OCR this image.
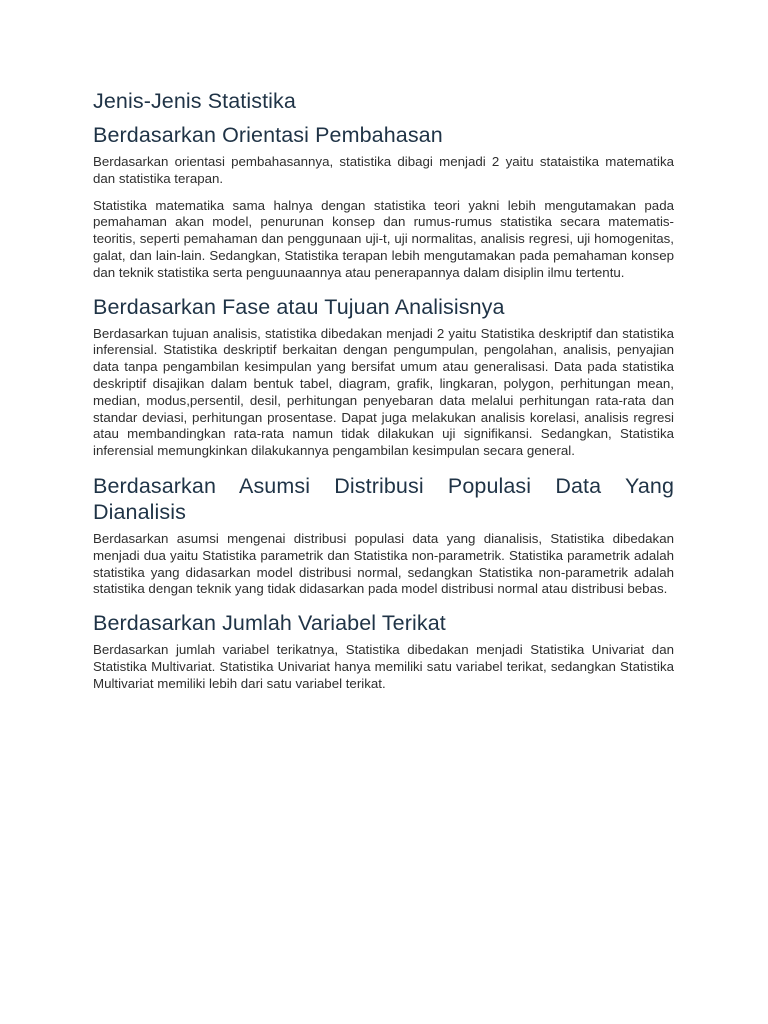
Jenis-Jenis Statistika
Berdasarkan Orientasi Pembahasan

Berdasarkan orientasi pembahasannya, statistika dibagi menjadi 2 yaitu stataistika matematika dan statistika terapan.

Statistika matematika sama halnya dengan statistika teori yakni lebih mengutamakan pada pemahaman akan model, penurunan konsep dan rumus-rumus statistika secara matematis-teoritis, seperti pemahaman dan penggunaan uji-t, uji normalitas, analisis regresi, uji homogenitas, galat, dan lain-lain. Sedangkan, Statistika terapan lebih mengutamakan pada pemahaman konsep dan teknik statistika serta penguunaannya atau penerapannya dalam disiplin ilmu tertentu.

Berdasarkan Fase atau Tujuan Analisisnya

Berdasarkan tujuan analisis, statistika dibedakan menjadi 2 yaitu Statistika deskriptif dan statistika inferensial. Statistika deskriptif berkaitan dengan pengumpulan, pengolahan, analisis, penyajian data tanpa pengambilan kesimpulan yang bersifat umum atau generalisasi. Data pada statistika deskriptif disajikan dalam bentuk tabel, diagram, grafik, lingkaran, polygon, perhitungan mean, median, modus,persentil, desil, perhitungan penyebaran data melalui perhitungan rata-rata dan standar deviasi, perhitungan prosentase. Dapat juga melakukan analisis korelasi, analisis regresi atau membandingkan rata-rata namun tidak dilakukan uji signifikansi. Sedangkan, Statistika inferensial memungkinkan dilakukannya pengambilan kesimpulan secara general.

Berdasarkan Asumsi Distribusi Populasi Data Yang Dianalisis

Berdasarkan asumsi mengenai distribusi populasi data yang dianalisis, Statistika dibedakan menjadi dua yaitu Statistika parametrik dan Statistika non-parametrik. Statistika parametrik adalah statistika yang didasarkan model distribusi normal, sedangkan Statistika non-parametrik adalah statistika dengan teknik yang tidak didasarkan pada model distribusi normal atau distribusi bebas.

Berdasarkan Jumlah Variabel Terikat

Berdasarkan jumlah variabel terikatnya, Statistika dibedakan menjadi Statistika Univariat dan Statistika Multivariat. Statistika Univariat hanya memiliki satu variabel terikat, sedangkan Statistika Multivariat memiliki lebih dari satu variabel terikat.
